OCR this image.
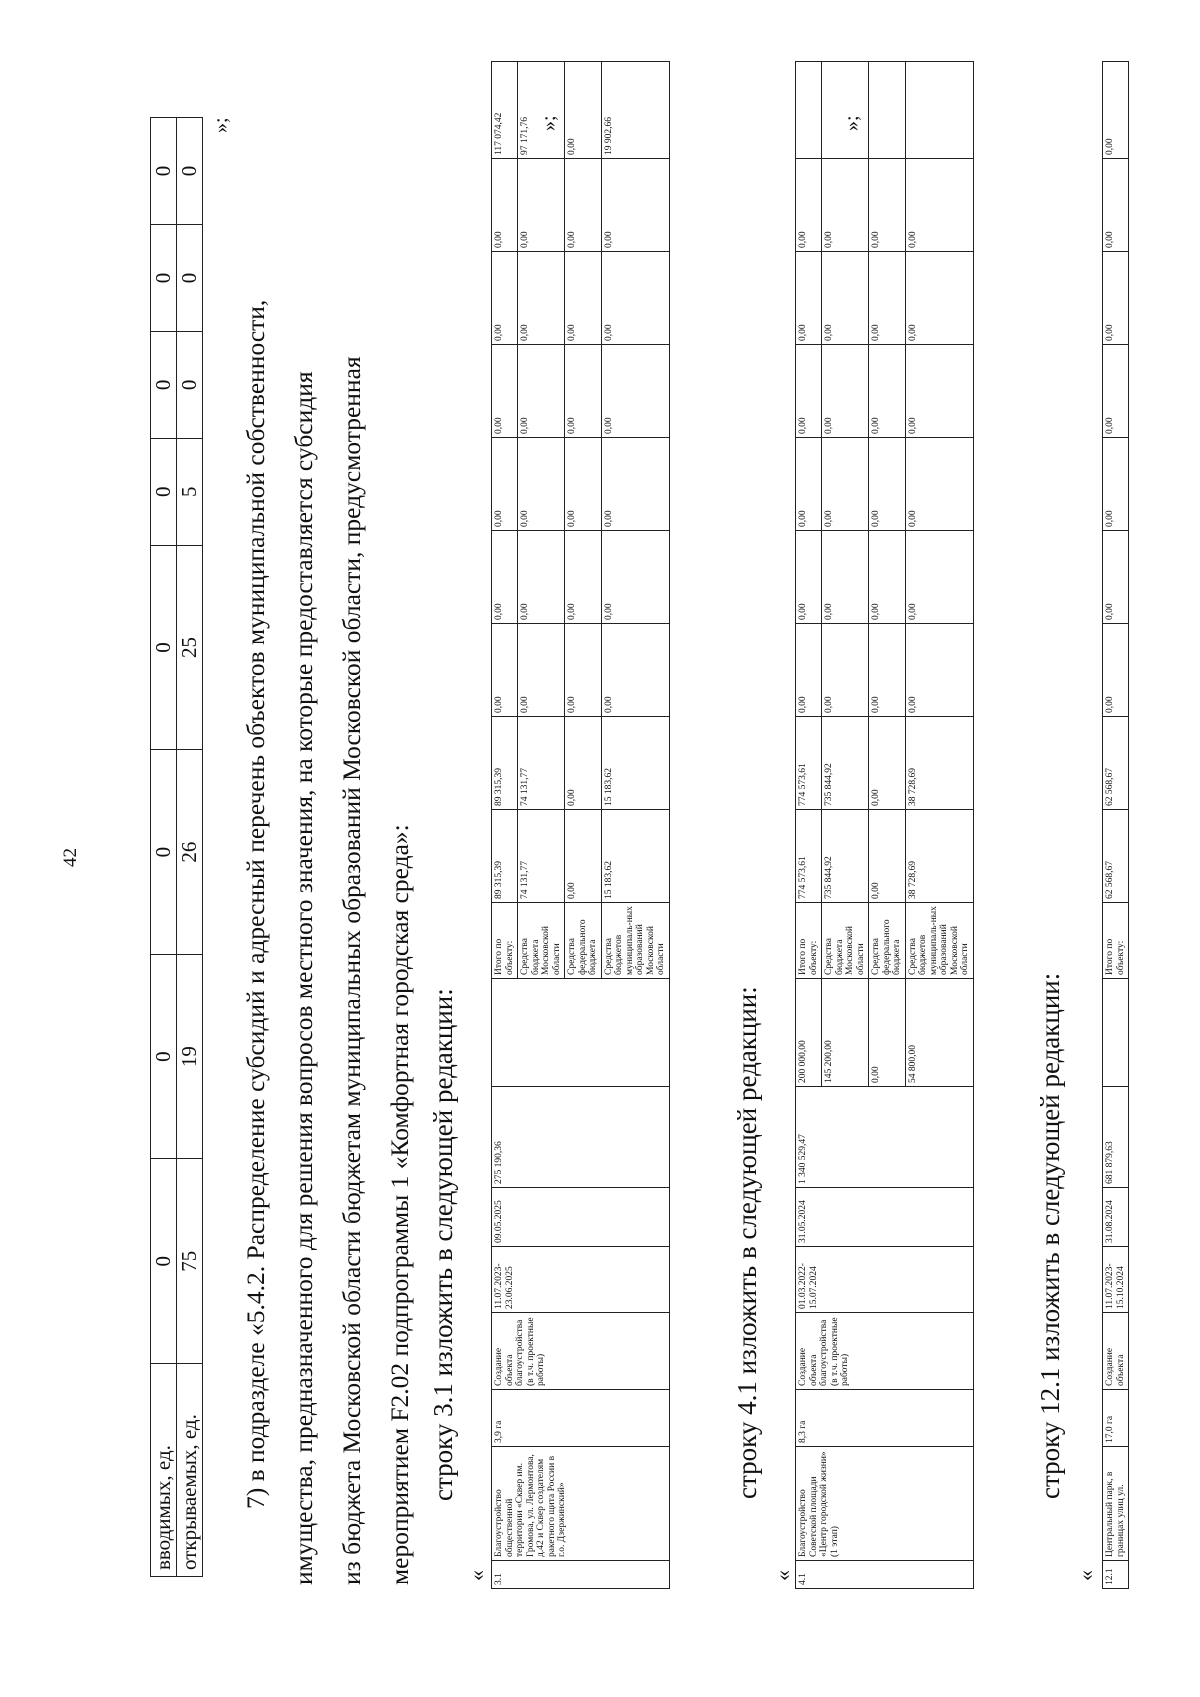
42
вводимых, ед.	0	0	0	0	0	0	0	0
открываемых, ед.	75	19	26	25	5	0	0	0
»;

7) в подразделе «5.4.2. Распределение субсидий и адресный перечень объектов муниципальной собственности, имущества, предназначенного для решения вопросов местного значения, на которые предоставляется субсидия из бюджета Московской области бюджетам муниципальных образований Московской области, предусмотренная мероприятием F2.02 подпрограммы 1 «Комфортная городская среда»: строку 3.1 изложить в следующей редакции:
« 3.1	Благоустройство общественной территории «Сквер им. Громова, ул. Лермонтова, д.42 и Сквер создателям ракетного щита России в г.о. Дзержинский»	3,9 га	Создание объекта благоустройства (в т.ч. проектные работы)	11.07.2023-23.06.2025	09.05.2025	275 190,36		Итого по объекту:	89 315,39	89 315,39	0,00	0,00	0,00	0,00	0,00	0,00	117 074,42
								Средства бюджета Московской области	74 131,77	74 131,77	0,00	0,00	0,00	0,00	0,00	0,00	97 171,76
								Средства федерального бюджета	0,00	0,00	0,00	0,00	0,00	0,00	0,00	0,00	0,00
								Средства бюджетов муниципаль-ных образований Московской области	15 183,62	15 183,62	0,00	0,00	0,00	0,00	0,00	0,00	19 902,66
»;
строку 4.1 изложить в следующей редакции:
« 4.1	Благоустройство Советской площади «Центр городской жизни» (1 этап)	8,3 га	Создание объекта благоустройства (в т.ч. проектные работы)	01.03.2022-15.07.2024	31.05.2024	1 340 529,47	200 000,00	Итого по объекту:	774 573,61	774 573,61	0,00	0,00	0,00	0,00	0,00	0,00	
							145 200,00	Средства бюджета Московской области	735 844,92	735 844,92	0,00	0,00	0,00	0,00	0,00	0,00	
							0,00	Средства федерального бюджета	0,00	0,00	0,00	0,00	0,00	0,00	0,00	0,00	
							54 800,00	Средства бюджетов муниципаль-ных образований Московской области	38 728,69	38 728,69	0,00	0,00	0,00	0,00	0,00	0,00	
»;
строку 12.1 изложить в следующей редакции:
« 12.1	Центральный парк, в границах улиц ул.	17,0 га	Создание объекта	11.07.2023-15.10.2024	31.08.2024	681 879,63		Итого по объекту:	62 568,67	62 568,67	0,00	0,00	0,00	0,00	0,00	0,00	0,00
